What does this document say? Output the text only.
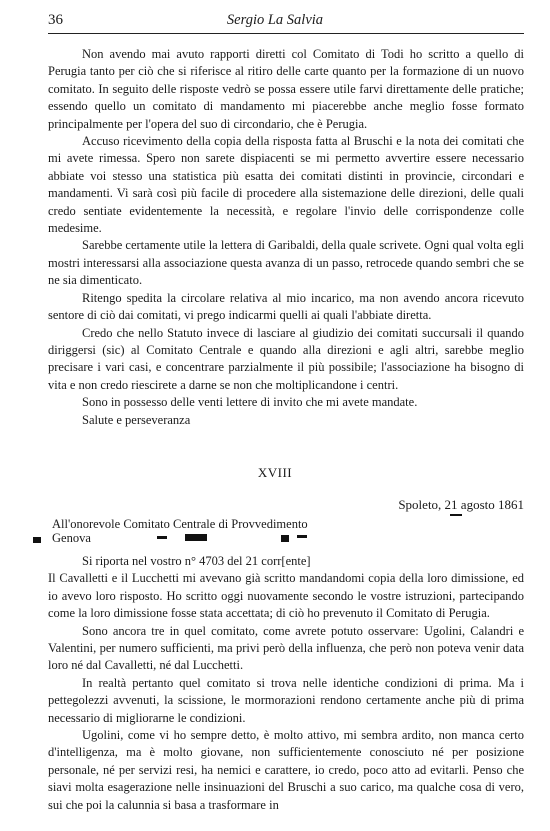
36	Sergio La Salvia

Non avendo mai avuto rapporti diretti col Comitato di Todi ho scritto a quello di Perugia tanto per ciò che si riferisce al ritiro delle carte quanto per la formazione di un nuovo comitato. In seguito delle risposte vedrò se possa essere utile farvi direttamente delle pratiche; essendo quello un comitato di mandamento mi piacerebbe anche meglio fosse formato principalmente per l'opera del suo di circondario, che è Perugia.

Accuso ricevimento della copia della risposta fatta al Bruschi e la nota dei comitati che mi avete rimessa. Spero non sarete dispiacenti se mi permetto avvertire essere necessario abbiate voi stesso una statistica più esatta dei comitati distinti in provincie, circondari e mandamenti. Vi sarà così più facile di procedere alla sistemazione delle direzioni, delle quali credo sentiate evidentemente la necessità, e regolare l'invio delle corrispondenze colle medesime.

Sarebbe certamente utile la lettera di Garibaldi, della quale scrivete. Ogni qual volta egli mostri interessarsi alla associazione questa avanza di un passo, retrocede quando sembri che se ne sia dimenticato.

Ritengo spedita la circolare relativa al mio incarico, ma non avendo ancora ricevuto sentore di ciò dai comitati, vi prego indicarmi quelli ai quali l'abbiate diretta.

Credo che nello Statuto invece di lasciare al giudizio dei comitati succursali il quando diriggersi (sic) al Comitato Centrale e quando alla direzioni e agli altri, sarebbe meglio precisare i vari casi, e concentrare parzialmente il più possibile; l'associazione ha bisogno di vita e non credo riescirete a darne se non che moltiplicandone i centri.

Sono in possesso delle venti lettere di invito che mi avete mandate.

Salute e perseveranza

XVIII
Spoleto, 21 agosto 1861
All'onorevole Comitato Centrale di Provvedimento
Genova

Si riporta nel vostro n° 4703 del 21 corr[ente]

Il Cavalletti e il Lucchetti mi avevano già scritto mandandomi copia della loro dimissione, ed io avevo loro risposto. Ho scritto oggi nuovamente secondo le vostre istruzioni, partecipando come la loro dimissione fosse stata accettata; di ciò ho prevenuto il Comitato di Perugia.

Sono ancora tre in quel comitato, come avrete potuto osservare: Ugolini, Calandri e Valentini, per numero sufficienti, ma privi però della influenza, che però non poteva venir data loro né dal Cavalletti, né dal Lucchetti.

In realtà pertanto quel comitato si trova nelle identiche condizioni di prima. Ma i pettegolezzi avvenuti, la scissione, le mormorazioni rendono certamente anche più di prima necessario di migliorarne le condizioni.

Ugolini, come vi ho sempre detto, è molto attivo, mi sembra ardito, non manca certo d'intelligenza, ma è molto giovane, non sufficientemente conosciuto né per posizione personale, né per servizi resi, ha nemici e carattere, io credo, poco atto ad evitarli. Penso che siavi molta esagerazione nelle insinuazioni del Bruschi a suo carico, ma qualche cosa di vero, sui che poi la calunnia si basa a trasformare in
